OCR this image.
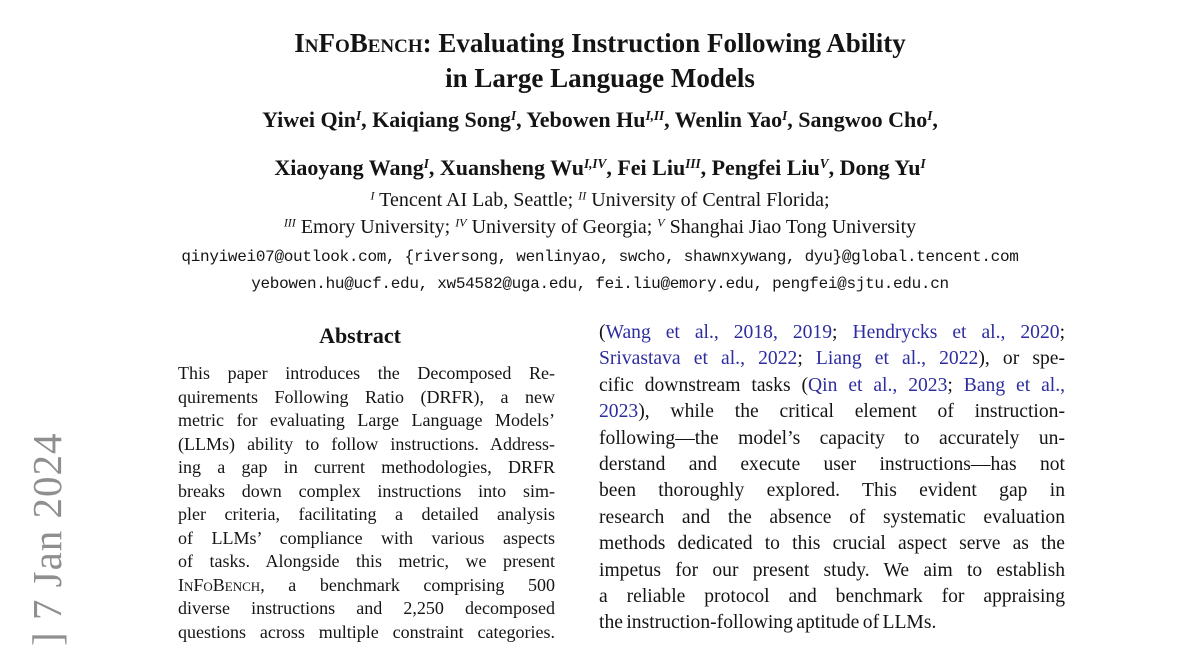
] 7 Jan 2024
InFoBench: Evaluating Instruction Following Ability
in Large Language Models
Yiwei Qin$^I$, Kaiqiang Song$^I$, Yebowen $Hu^{I,II}$, Wenlin Yao$^I$, Sangwoo Cho$^I$,
Xiaoyang Wang$^I$, Xuansheng $Wu^{I,IV}$, Fei Liu$^{III}$, Pengfei Liu$^V$, Dong $Yu^I$
$^I$ Tencent AI Lab, Seattle; $^{II}$ University of Central Florida;
$^{III}$ Emory University; $^{IV}$ University of Georgia; $^V$ Shanghai Jiao Tong University
qinyiwei07@outlook.com, {riversong, wenlinyao, swcho, shawnxywang, dyu}@global.tencent.com
yebowen.hu@ucf.edu, xw54582@uga.edu, fei.liu@emory.edu, pengfei@sjtu.edu.cn
Abstract
This paper introduces the Decomposed Re-
quirements Following Ratio (DRFR), a new
metric for evaluating Large Language Models’
(LLMs) ability to follow instructions. Address-
ing a gap in current methodologies, DRFR
breaks down complex instructions into sim-
pler criteria, facilitating a detailed analysis
of LLMs’ compliance with various aspects
of tasks. Alongside this metric, we present
InFoBench, a benchmark comprising 500
diverse instructions and 2,250 decomposed
questions across multiple constraint categories.
(Wang et al., 2018, 2019; Hendrycks et al., 2020;
Srivastava et al., 2022; Liang et al., 2022), or spe-
cific downstream tasks (Qin et al., 2023; Bang et al.,
2023), while the critical element of instruction-
following—the model’s capacity to accurately un-
derstand and execute user instructions—has not
been thoroughly explored. This evident gap in
research and the absence of systematic evaluation
methods dedicated to this crucial aspect serve as the
impetus for our present study. We aim to establish
a reliable protocol and benchmark for appraising
the instruction-following aptitude of LLMs.
